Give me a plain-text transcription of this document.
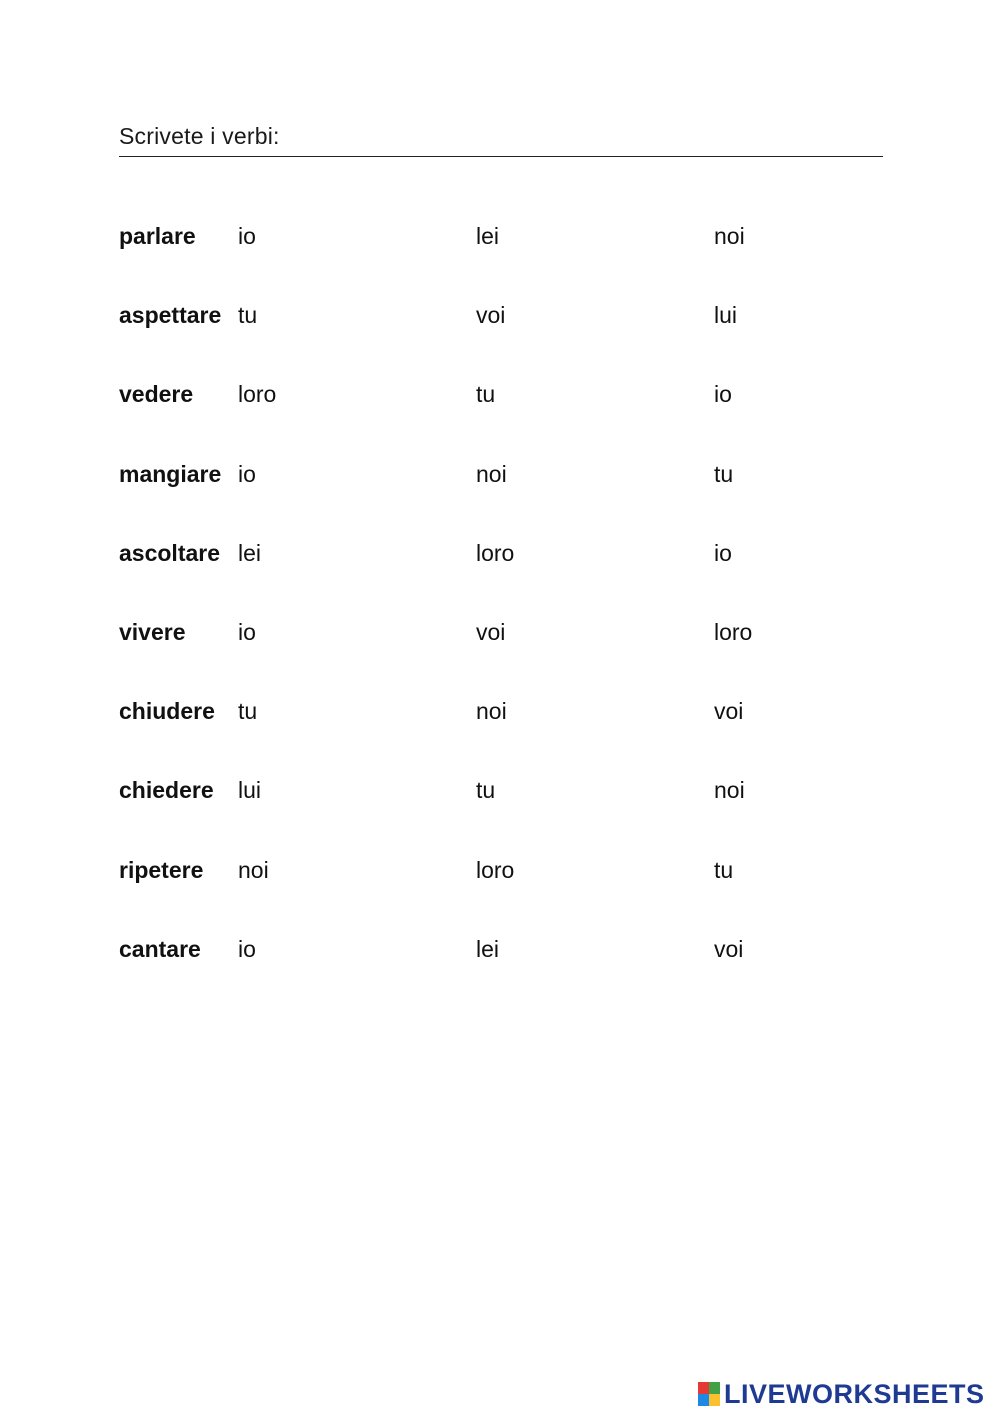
Scrivete i verbi:
parlare io	lei	noi
aspettare tu	voi	lui
vedere loro	tu	io
mangiare io	noi	tu
ascoltare lei	loro	io
vivere io	voi	loro
chiudere tu	noi	voi
chiedere lui	tu	noi
ripetere noi	loro	tu
cantare io	lei	voi
LIVEWORKSHEETS
